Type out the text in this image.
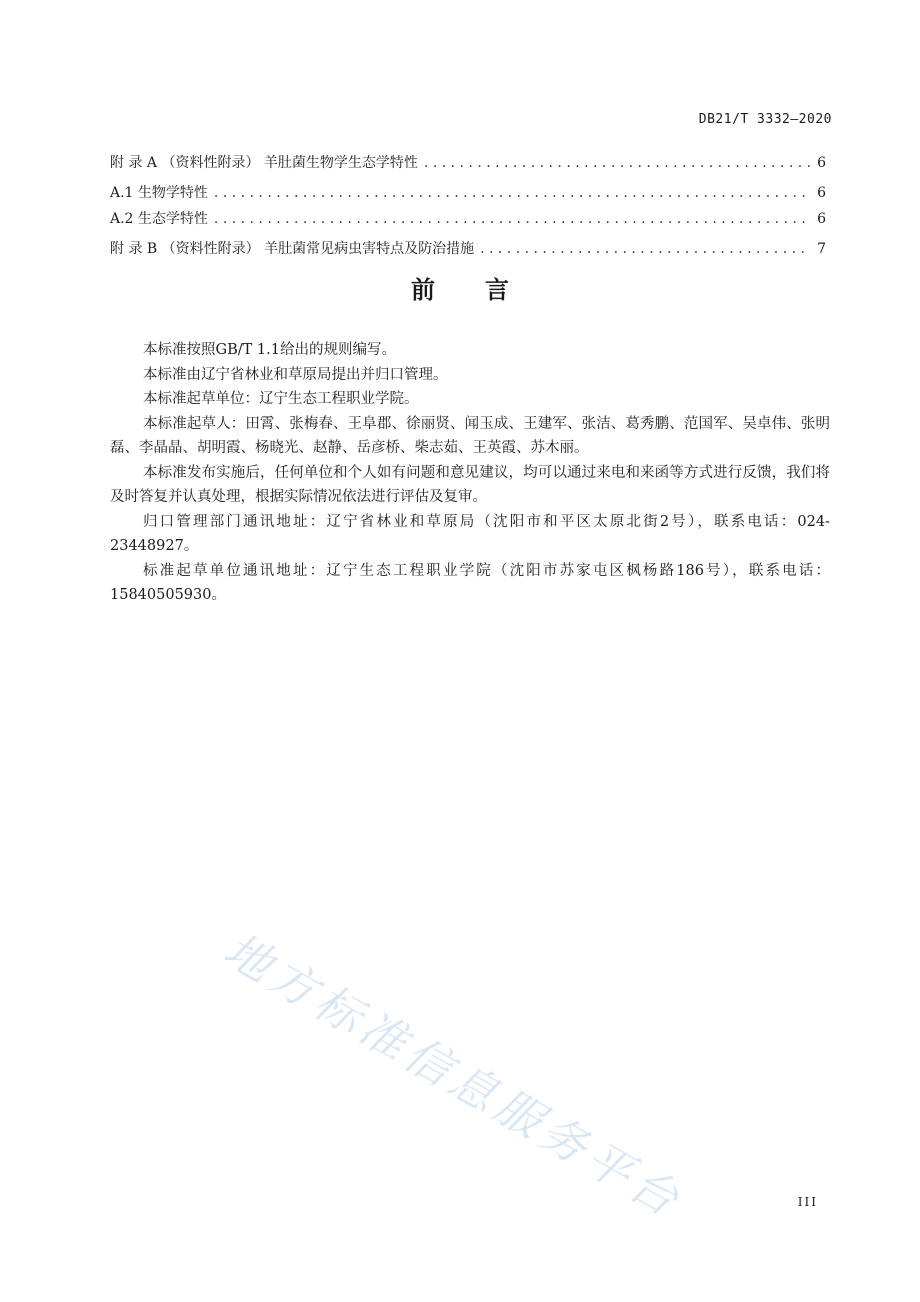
DB21/T 3332—2020
附 录 A （资料性附录） 羊肚菌生物学生态学特性 . . .	6
A.1 生物学特性 . . .	6
A.2 生态学特性 . . .	6
附 录 B （资料性附录） 羊肚菌常见病虫害特点及防治措施 . . .	7
前言

本标准按照GB/T 1.1给出的规则编写。

本标准由辽宁省林业和草原局提出并归口管理。

本标准起草单位：辽宁生态工程职业学院。

本标准起草人：田霄、张梅春、王阜郡、徐丽贤、闻玉成、王建军、张洁、葛秀鹏、范国军、吴卓伟、张明磊、李晶晶、胡明霞、杨晓光、赵静、岳彦桥、柴志茹、王英霞、苏木丽。

本标准发布实施后，任何单位和个人如有问题和意见建议，均可以通过来电和来函等方式进行反馈，我们将及时答复并认真处理，根据实际情况依法进行评估及复审。

归口管理部门通讯地址：辽宁省林业和草原局（沈阳市和平区太原北街2号），联系电话：024-23448927。

标准起草单位通讯地址：辽宁生态工程职业学院（沈阳市苏家屯区枫杨路186号），联系电话：15840505930。

地方标准信息服务平台	III
